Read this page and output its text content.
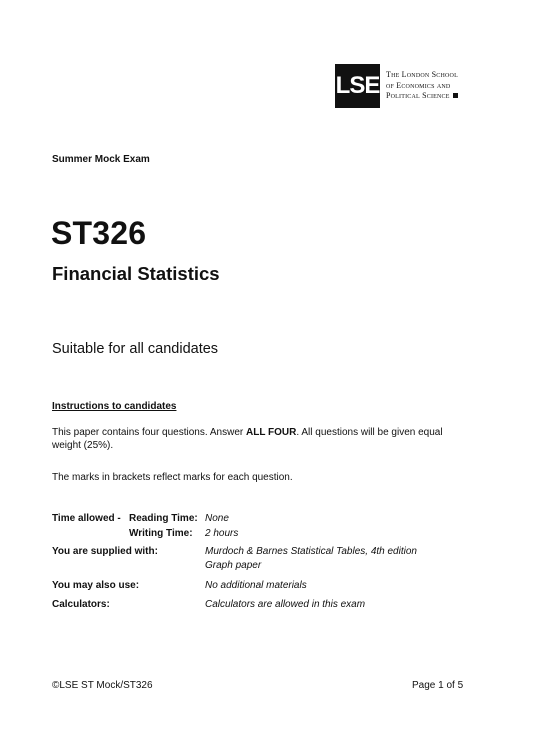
LSE The London School
of Economics and
Political Science
Summer Mock Exam
ST326
Financial Statistics
Suitable for all candidates
Instructions to candidates
This paper contains four questions. Answer ALL FOUR. All questions will be given equal weight (25%).
The marks in brackets reflect marks for each question.
Time allowed - Reading Time: None
Writing Time: 2 hours
You are supplied with:	Murdoch & Barnes Statistical Tables, 4th edition
Graph paper
You may also use:	No additional materials
Calculators:	Calculators are allowed in this exam
©LSE ST Mock/ST326	Page 1 of 5
